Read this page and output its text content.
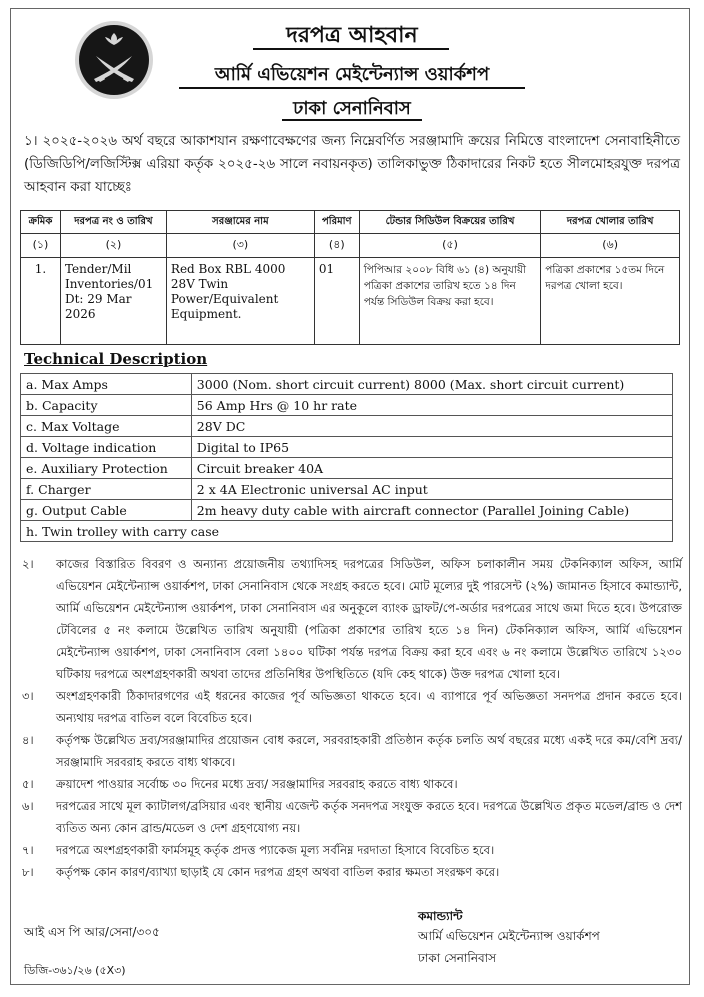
দরপত্র আহবান
আর্মি এভিয়েশন মেইন্টেন্যান্স ওয়ার্কশপ
ঢাকা সেনানিবাস
১। ২০২৫-২০২৬ অর্থ বছরে আকাশযান রক্ষণাবেক্ষণের জন্য নিম্নেবর্ণিত সরঞ্জামাদি ক্রয়ের নিমিত্তে বাংলাদেশ সেনাবাহিনীতে (ডিজিডিপি/লজিস্টিক্স এরিয়া কর্তৃক ২০২৫-২৬ সালে নবায়নকৃত) তালিকাভুক্ত ঠিকাদারের নিকট হতে সীলমোহরযুক্ত দরপত্র আহবান করা যাচ্ছেঃ
ক্রমিক	দরপত্র নং ও তারিখ	সরঞ্জামের নাম	পরিমাণ	টেন্ডার সিডিউল বিক্রয়ের তারিখ	দরপত্র খোলার তারিখ
(১)	(২)	(৩)	(৪)	(৫)	(৬)
1.	Tender/Mil Inventories/01 Dt: 29 Mar 2026	Red Box RBL 4000 28V Twin Power/Equivalent Equipment.	01	পিপিআর ২০০৮ বিধি ৬১ (৪) অনুযায়ী পত্রিকা প্রকাশের তারিখ হতে ১৪ দিন পর্যন্ত সিডিউল বিক্রয় করা হবে।	পত্রিকা প্রকাশের ১৫তম দিনে দরপত্র খোলা হবে।
Technical Description
a. Max Amps	3000 (Nom. short circuit current) 8000 (Max. short circuit current)
b. Capacity	56 Amp Hrs @ 10 hr rate
c. Max Voltage	28V DC
d. Voltage indication	Digital to IP65
e. Auxiliary Protection	Circuit breaker 40A
f. Charger	2 x 4A Electronic universal AC input
g. Output Cable	2m heavy duty cable with aircraft connector (Parallel Joining Cable)
h. Twin trolley with carry case	
২।	কাজের বিস্তারিত বিবরণ ও অন্যান্য প্রয়োজনীয় তথ্যাদিসহ দরপত্রের সিডিউল, অফিস চলাকালীন সময় টেকনিক্যাল অফিস, আর্মি এভিয়েশন মেইন্টেন্যান্স ওয়ার্কশপ, ঢাকা সেনানিবাস থেকে সংগ্রহ করতে হবে। মোট মূল্যের দুই পারসেন্ট (২%) জামানত হিসাবে কমান্ড্যান্ট, আর্মি এভিয়েশন মেইন্টেন্যান্স ওয়ার্কশপ, ঢাকা সেনানিবাস এর অনুকূলে ব্যাংক ড্রাফট/পে-অর্ডার দরপত্রের সাথে জমা দিতে হবে। উপরোক্ত টেবিলের ৫ নং কলামে উল্লেখিত তারিখ অনুযায়ী (পত্রিকা প্রকাশের তারিখ হতে ১৪ দিন) টেকনিক্যাল অফিস, আর্মি এভিয়েশন মেইন্টেন্যান্স ওয়ার্কশপ, ঢাকা সেনানিবাস বেলা ১৪০০ ঘটিকা পর্যন্ত দরপত্র বিক্রয় করা হবে এবং ৬ নং কলামে উল্লেখিত তারিখে ১২৩০ ঘটিকায় দরপত্রে অংশগ্রহণকারী অথবা তাদের প্রতিনিধির উপস্থিতিতে (যদি কেহ থাকে) উক্ত দরপত্র খোলা হবে।
৩।	অংশগ্রহণকারী ঠিকাদারগণের এই ধরনের কাজের পূর্ব অভিজ্ঞতা থাকতে হবে। এ ব্যাপারে পূর্ব অভিজ্ঞতা সনদপত্র প্রদান করতে হবে। অন্যথায় দরপত্র বাতিল বলে বিবেচিত হবে।
৪।	কর্তৃপক্ষ উল্লেখিত দ্রব্য/সরঞ্জামাদির প্রয়োজন বোধ করলে, সরবরাহকারী প্রতিষ্ঠান কর্তৃক চলতি অর্থ বছরের মধ্যে একই দরে কম/বেশি দ্রব্য/সরঞ্জামাদি সরবরাহ করতে বাধ্য থাকবে।
৫।	ক্রয়াদেশ পাওয়ার সর্বোচ্চ ৩০ দিনের মধ্যে দ্রব্য/ সরঞ্জামাদির সরবরাহ করতে বাধ্য থাকবে।
৬।	দরপত্রের সাথে মূল ক্যাটালগ/ব্রসিয়ার এবং স্থানীয় এজেন্ট কর্তৃক সনদপত্র সংযুক্ত করতে হবে। দরপত্রে উল্লেখিত প্রকৃত মডেল/ব্রান্ড ও দেশ ব্যতিত অন্য কোন ব্রান্ড/মডেল ও দেশ গ্রহণযোগ্য নয়।
৭।	দরপত্রে অংশগ্রহণকারী ফার্মসমূহ কর্তৃক প্রদত্ত প্যাকেজ মূল্য সর্বনিম্ন দরদাতা হিসাবে বিবেচিত হবে।
৮।	কর্তৃপক্ষ কোন কারণ/ব্যাখ্যা ছাড়াই যে কোন দরপত্র গ্রহণ অথবা বাতিল করার ক্ষমতা সংরক্ষণ করে।
আই এস পি আর/সেনা/৩০৫
ডিজি-৩৬১/২৬ (৫X৩)
কমান্ড্যান্ট
আর্মি এভিয়েশন মেইন্টেন্যান্স ওয়ার্কশপ
ঢাকা সেনানিবাস
